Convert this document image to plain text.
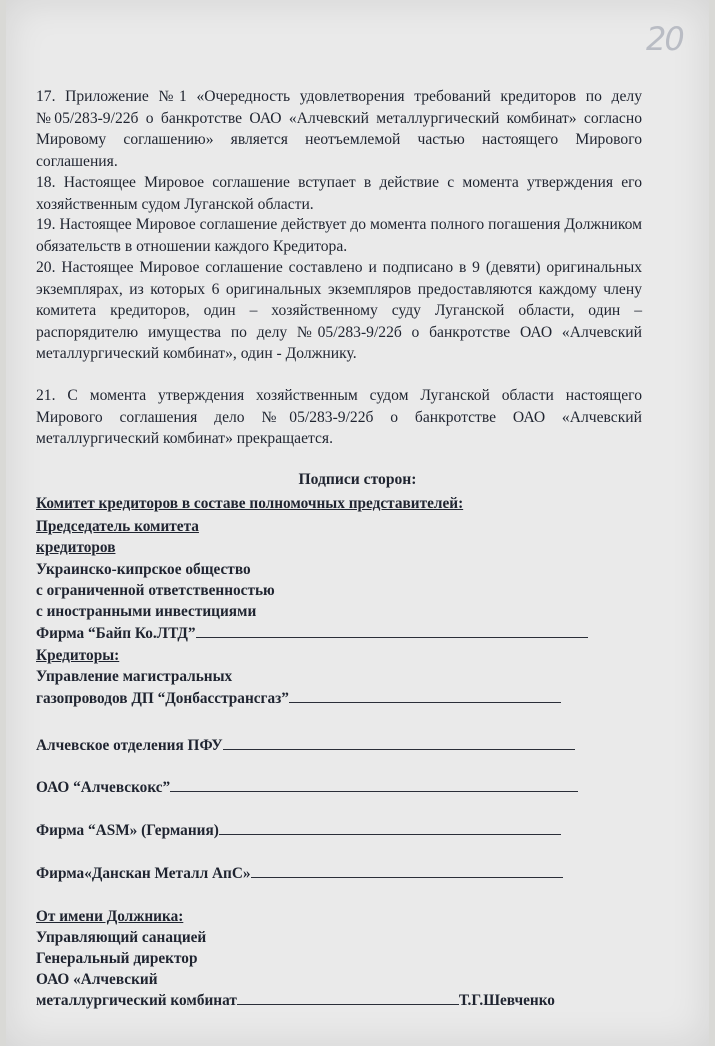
20

17. Приложение №1 «Очередность удовлетворения требований кредиторов по делу №05/283-9/22б о банкротстве ОАО «Алчевский металлургический комбинат» согласно Мировому соглашению» является неотъемлемой частью настоящего Мирового соглашения.

18. Настоящее Мировое соглашение вступает в действие с момента утверждения его хозяйственным судом Луганской области.

19. Настоящее Мировое соглашение действует до момента полного погашения Должником обязательств в отношении каждого Кредитора.

20. Настоящее Мировое соглашение составлено и подписано в 9 (девяти) оригинальных экземплярах, из которых 6 оригинальных экземпляров предоставляются каждому члену комитета кредиторов, один – хозяйственному суду Луганской области, один – распорядителю имущества по делу №05/283-9/22б о банкротстве ОАО «Алчевский металлургический комбинат», один - Должнику.

21. С момента утверждения хозяйственным судом Луганской области настоящего Мирового соглашения дело №05/283-9/22б о банкротстве ОАО «Алчевский металлургический комбинат» прекращается.

Подписи сторон:
Комитет кредиторов в составе полномочных представителей:
Председатель комитета
кредиторов
Украинско-кипрское общество
с ограниченной ответственностью
с иностранными инвестициями
Фирма “Байп Ко.ЛТД”
Кредиторы:
Управление магистральных
газопроводов ДП “Донбасстрансгаз”
Алчевское отделения ПФУ
ОАО “Алчевскокс”
Фирма “ASM» (Германия)
Фирма«Данскан Металл АпС»
От имени Должника:
Управляющий санацией
Генеральный директор
ОАО «Алчевский
металлургический комбинат	Т.Г.Шевченко
